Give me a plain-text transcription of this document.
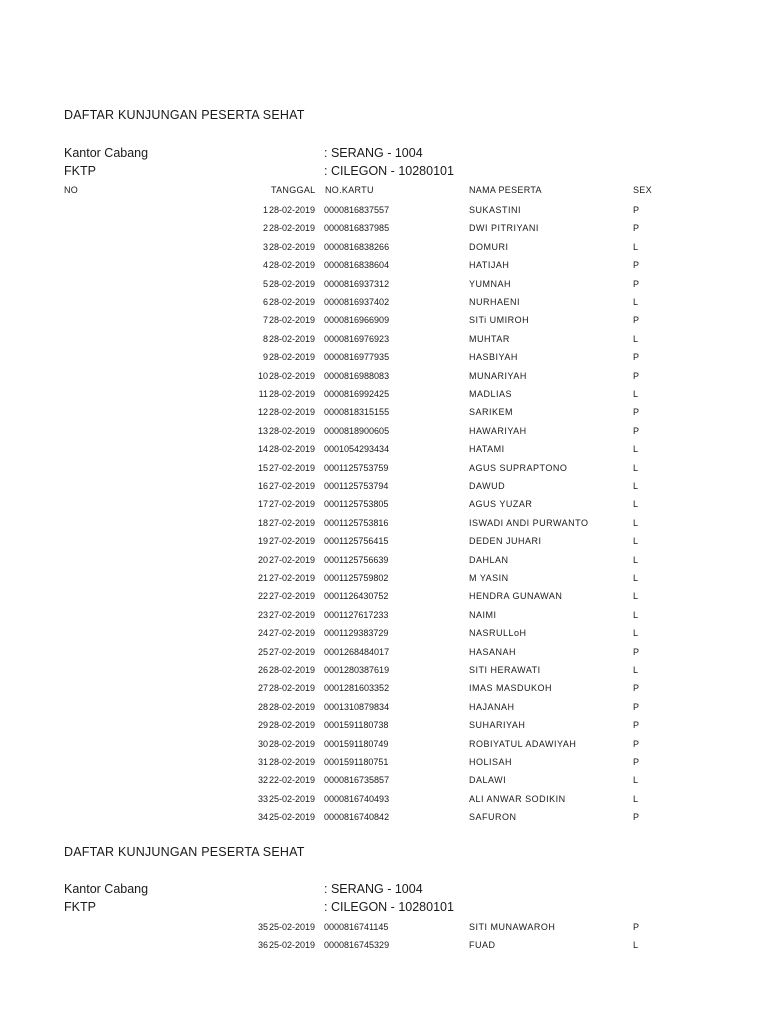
DAFTAR KUNJUNGAN PESERTA SEHAT
Kantor Cabang	: SERANG - 1004
FKTP	: CILEGON - 10280101
NO	TANGGAL NO.KARTU	NAMA PESERTA	SEX
1 28-02-2019 0000816837557	SUKASTINI	P
2 28-02-2019 0000816837985	DWI PITRIYANI	P
3 28-02-2019 0000816838266	DOMURI	L
4 28-02-2019 0000816838604	HATIJAH	P
5 28-02-2019 0000816937312	YUMNAH	P
6 28-02-2019 0000816937402	NURHAENI	L
7 28-02-2019 0000816966909	SITi UMIROH	P
8 28-02-2019 0000816976923	MUHTAR	L
9 28-02-2019 0000816977935	HASBIYAH	P
10 28-02-2019 0000816988083	MUNARIYAH	P
11 28-02-2019 0000816992425	MADLIAS	L
12 28-02-2019 0000818315155	SARIKEM	P
13 28-02-2019 0000818900605	HAWARIYAH	P
14 28-02-2019 0001054293434	HATAMI	L
15 27-02-2019 0001125753759	AGUS SUPRAPTONO	L
16 27-02-2019 0001125753794	DAWUD	L
17 27-02-2019 0001125753805	AGUS YUZAR	L
18 27-02-2019 0001125753816	ISWADI ANDI PURWANTO	L
19 27-02-2019 0001125756415	DEDEN JUHARI	L
20 27-02-2019 0001125756639	DAHLAN	L
21 27-02-2019 0001125759802	M YASIN	L
22 27-02-2019 0001126430752	HENDRA GUNAWAN	L
23 27-02-2019 0001127617233	NAIMI	L
24 27-02-2019 0001129383729	NASRULLoH	L
25 27-02-2019 0001268484017	HASANAH	P
26 28-02-2019 0001280387619	SITI HERAWATI	L
27 28-02-2019 0001281603352	IMAS MASDUKOH	P
28 28-02-2019 0001310879834	HAJANAH	P
29 28-02-2019 0001591180738	SUHARIYAH	P
30 28-02-2019 0001591180749	ROBIYATUL ADAWIYAH	P
31 28-02-2019 0001591180751	HOLISAH	P
32 22-02-2019 0000816735857	DALAWI	L
33 25-02-2019 0000816740493	ALI ANWAR SODIKIN	L
34 25-02-2019 0000816740842	SAFURON	P
DAFTAR KUNJUNGAN PESERTA SEHAT
Kantor Cabang	: SERANG - 1004
FKTP	: CILEGON - 10280101
35 25-02-2019 0000816741145	SITI MUNAWAROH	P
36 25-02-2019 0000816745329	FUAD	L
